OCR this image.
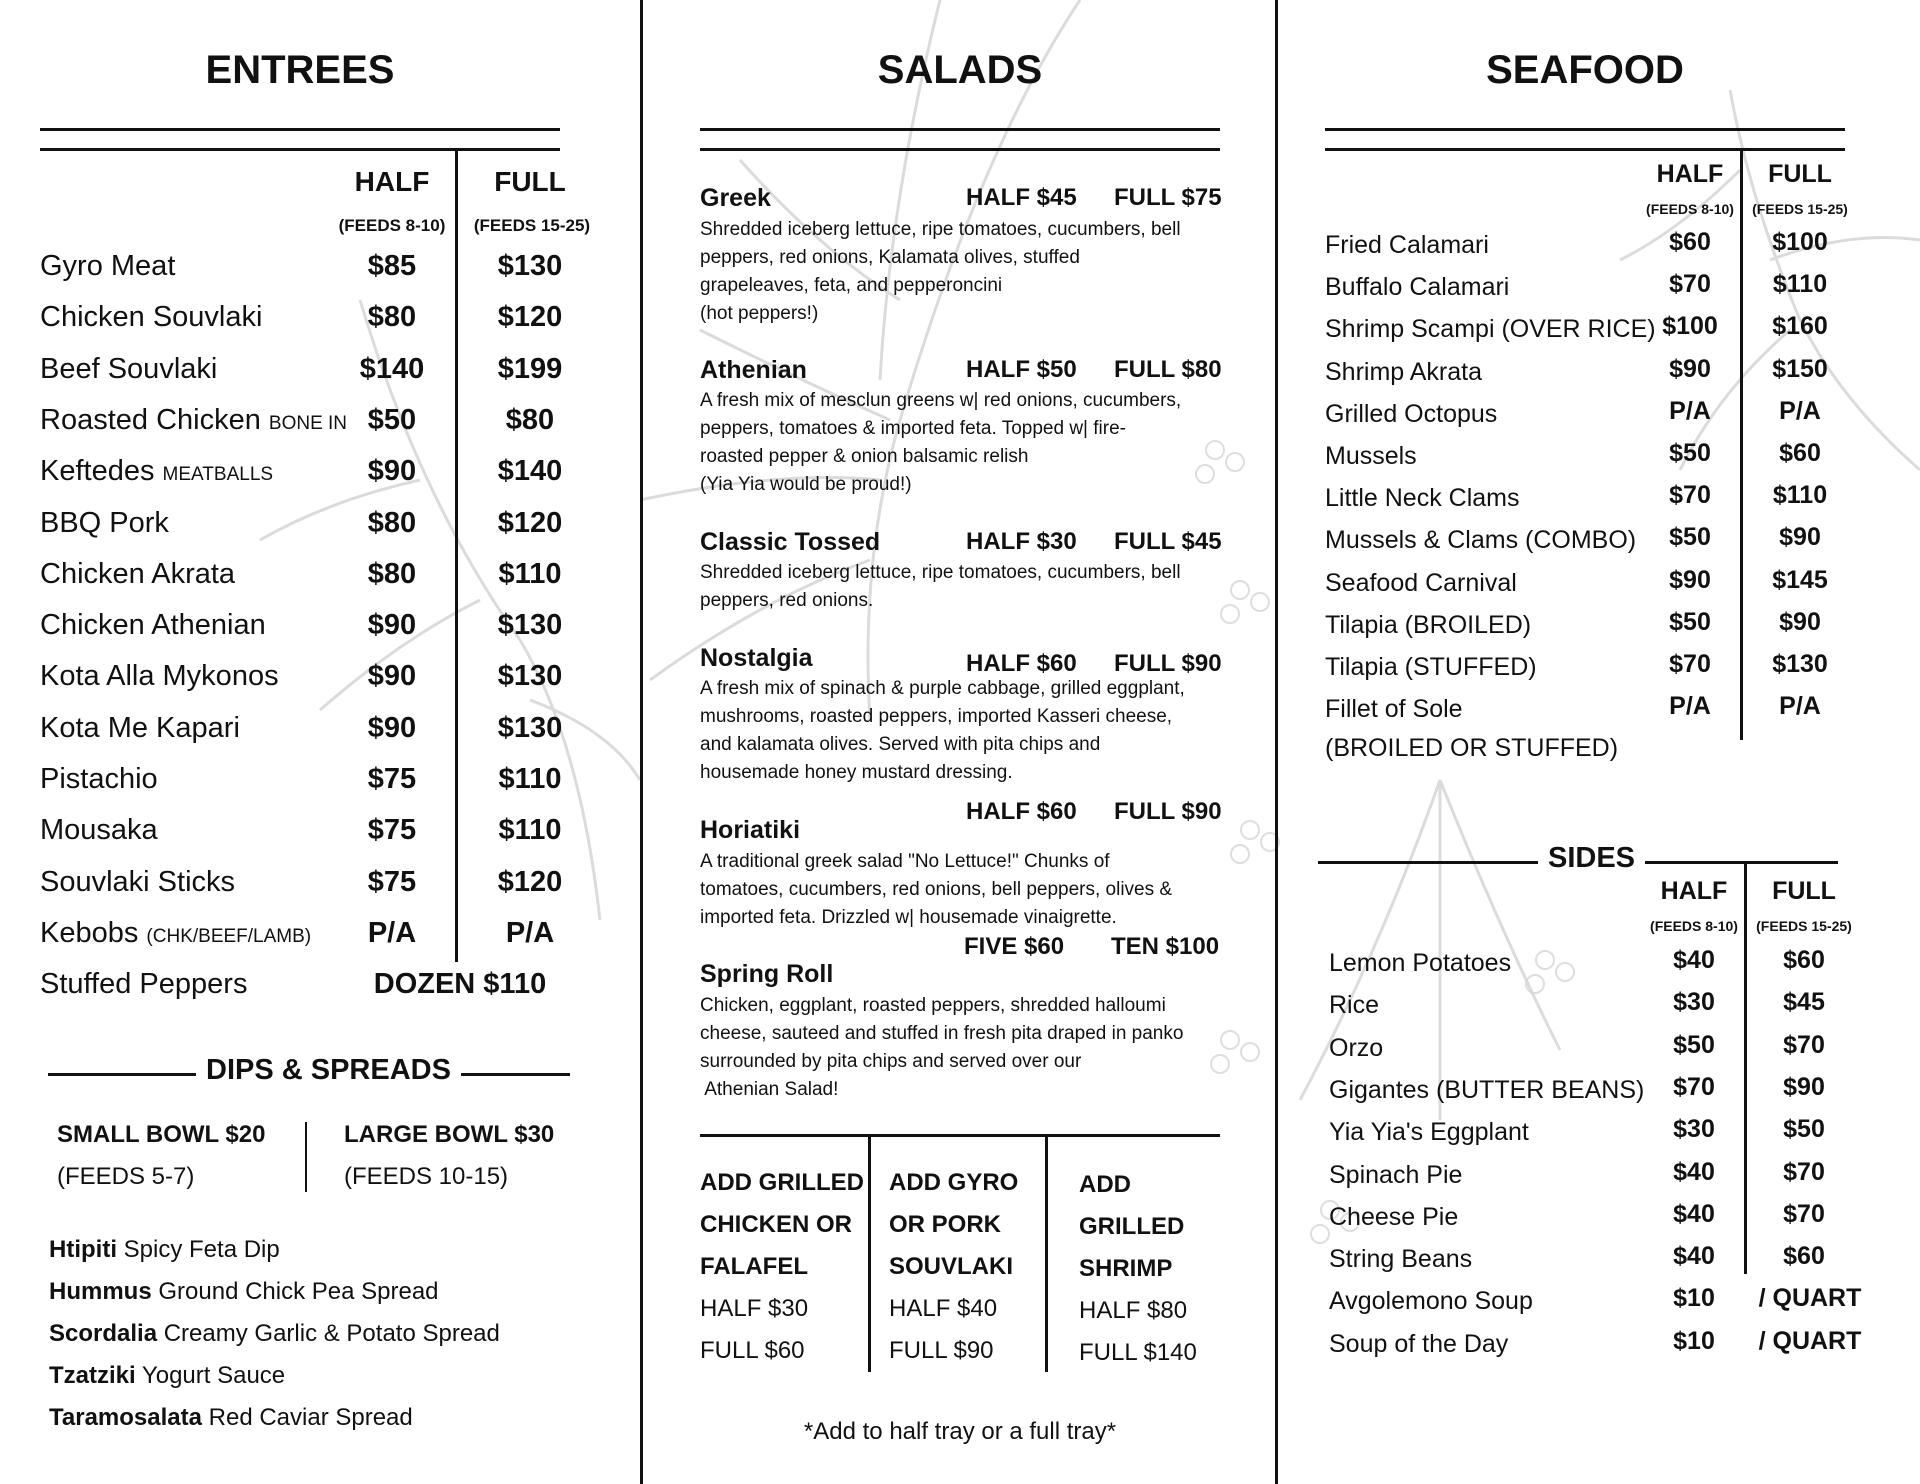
ENTREES
HALF	FULL
(FEEDS 8-10)	(FEEDS 15-25)
Gyro Meat	$85	$130
Chicken Souvlaki	$80	$120
Beef Souvlaki	$140	$199
Roasted Chicken BONE IN $50	$80
Keftedes MEATBALLS	$90	$140
BBQ Pork	$80	$120
Chicken Akrata	$80	$110
Chicken Athenian	$90	$130
Kota Alla Mykonos	$90	$130
Kota Me Kapari	$90	$130
Pistachio	$75	$110
Mousaka	$75	$110
Souvlaki Sticks	$75	$120
Kebobs (CHK/BEEF/LAMB)	P/A	P/A
Stuffed Peppers	DOZEN $110
DIPS & SPREADS
SMALL BOWL $20
(FEEDS 5-7)
LARGE BOWL $30
(FEEDS 10-15)
Htipiti Spicy Feta Dip
Hummus Ground Chick Pea Spread
Scordalia Creamy Garlic & Potato Spread
Tzatziki Yogurt Sauce
Taramosalata Red Caviar Spread
SALADS
Greek	HALF $45 FULL $75
Shredded iceberg lettuce, ripe tomatoes, cucumbers, bell
peppers, red onions, Kalamata olives, stuffed
grapeleaves, feta, and pepperoncini
(hot peppers!)
Athenian	HALF $50 FULL $80
A fresh mix of mesclun greens w| red onions, cucumbers,
peppers, tomatoes & imported feta. Topped w| fire-
roasted pepper & onion balsamic relish
(Yia Yia would be proud!)
Classic Tossed	HALF $30 FULL $45
Shredded iceberg lettuce, ripe tomatoes, cucumbers, bell
peppers, red onions.
Nostalgia	HALF $60 FULL $90
A fresh mix of spinach & purple cabbage, grilled eggplant,
mushrooms, roasted peppers, imported Kasseri cheese,
and kalamata olives. Served with pita chips and
housemade honey mustard dressing.
Horiatiki
HALF $60 FULL $90
A traditional greek salad "No Lettuce!" Chunks of
tomatoes, cucumbers, red onions, bell peppers, olives &
imported feta. Drizzled w| housemade vinaigrette.
Spring Roll
FIVE $60 TEN $100
Chicken, eggplant, roasted peppers, shredded halloumi
cheese, sauteed and stuffed in fresh pita draped in panko
surrounded by pita chips and served over our
Athenian Salad!
ADD GRILLED
CHICKEN OR
FALAFEL
HALF $30
FULL $60
ADD GYRO
OR PORK
SOUVLAKI
HALF $40
FULL $90
ADD
GRILLED
SHRIMP
HALF $80
FULL $140
*Add to half tray or a full tray*
SEAFOOD
HALF	FULL
(FEEDS 8-10)	(FEEDS 15-25)
Fried Calamari	$60	$100
Buffalo Calamari	$70	$110
Shrimp Scampi (OVER RICE) $100	$160
Shrimp Akrata	$90	$150
Grilled Octopus	P/A	P/A
Mussels	$50	$60
Little Neck Clams	$70	$110
Mussels & Clams (COMBO)	$50	$90
Seafood Carnival	$90	$145
Tilapia (BROILED)	$50	$90
Tilapia (STUFFED)	$70	$130
Fillet of Sole	P/A	P/A
(BROILED OR STUFFED)
SIDES
HALF	FULL
(FEEDS 8-10)	(FEEDS 15-25)
Lemon Potatoes	$40	$60
Rice	$30	$45
Orzo	$50	$70
Gigantes (BUTTER BEANS)	$70	$90
Yia Yia's Eggplant	$30	$50
Spinach Pie	$40	$70
Cheese Pie	$40	$70
String Beans	$40	$60
Avgolemono Soup	$10	/ QUART
Soup of the Day	$10	/ QUART
